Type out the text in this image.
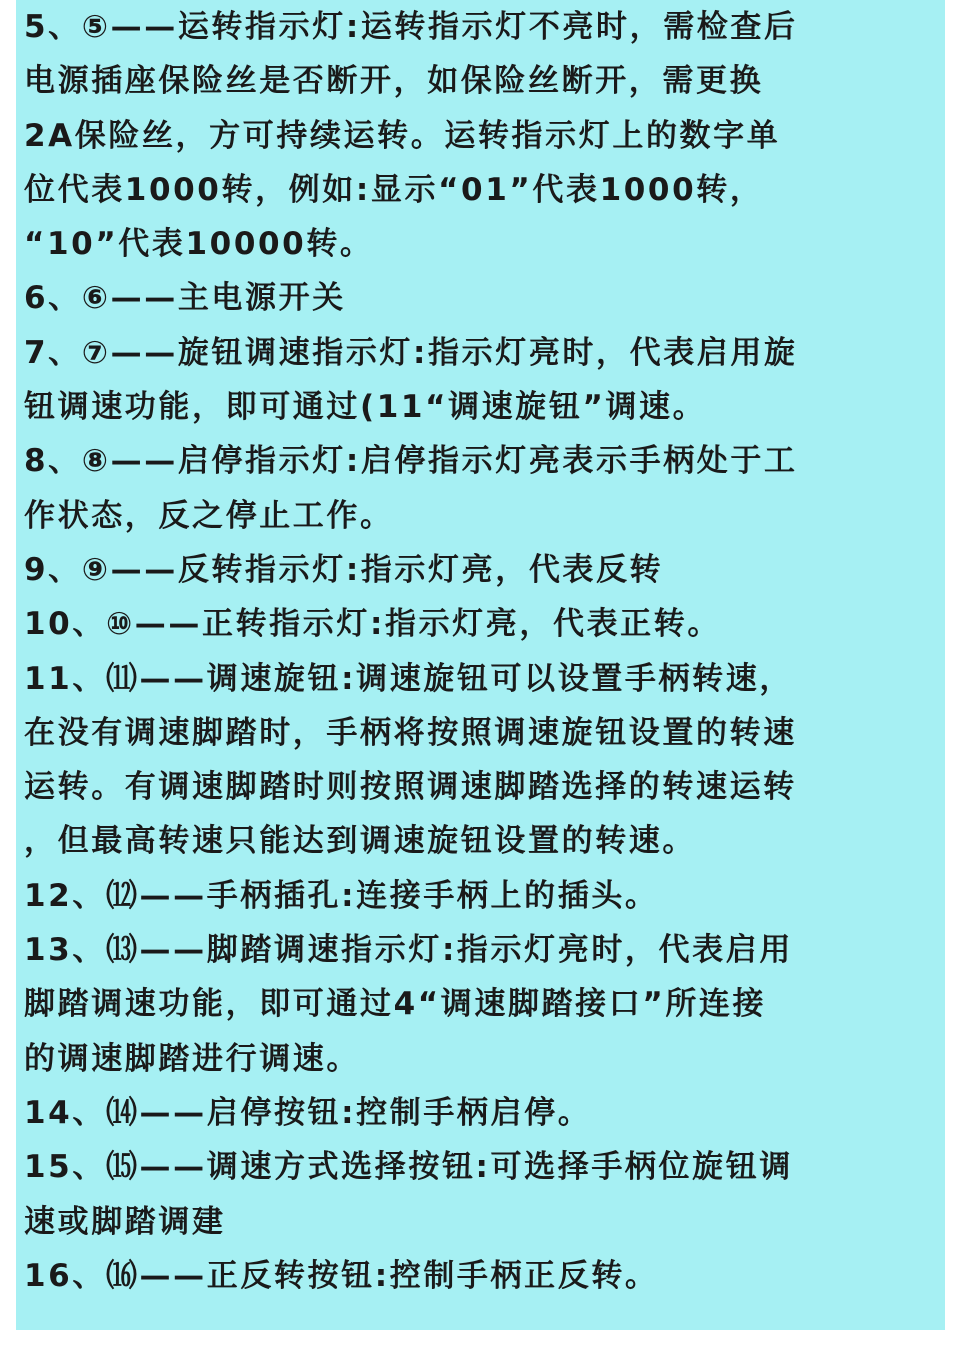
5、⑤——运转指示灯:运转指示灯不亮时，需检查后
电源插座保险丝是否断开，如保险丝断开，需更换
2A保险丝，方可持续运转。运转指示灯上的数字单
位代表1000转，例如:显示“01”代表1000转，
“10”代表10000转。
6、⑥——主电源开关
7、⑦——旋钮调速指示灯:指示灯亮时，代表启用旋
钮调速功能，即可通过(11“调速旋钮”调速。
8、⑧——启停指示灯:启停指示灯亮表示手柄处于工
作状态，反之停止工作。
9、⑨——反转指示灯:指示灯亮，代表反转
10、⑩——正转指示灯:指示灯亮，代表正转。
11、⑾——调速旋钮:调速旋钮可以设置手柄转速，
在没有调速脚踏时，手柄将按照调速旋钮设置的转速
运转。有调速脚踏时则按照调速脚踏选择的转速运转
，但最高转速只能达到调速旋钮设置的转速。
12、⑿——手柄插孔:连接手柄上的插头。
13、⒀——脚踏调速指示灯:指示灯亮时，代表启用
脚踏调速功能，即可通过4“调速脚踏接口”所连接
的调速脚踏进行调速。
14、⒁——启停按钮:控制手柄启停。
15、⒂——调速方式选择按钮:可选择手柄位旋钮调
速或脚踏调建
16、⒃——正反转按钮:控制手柄正反转。
